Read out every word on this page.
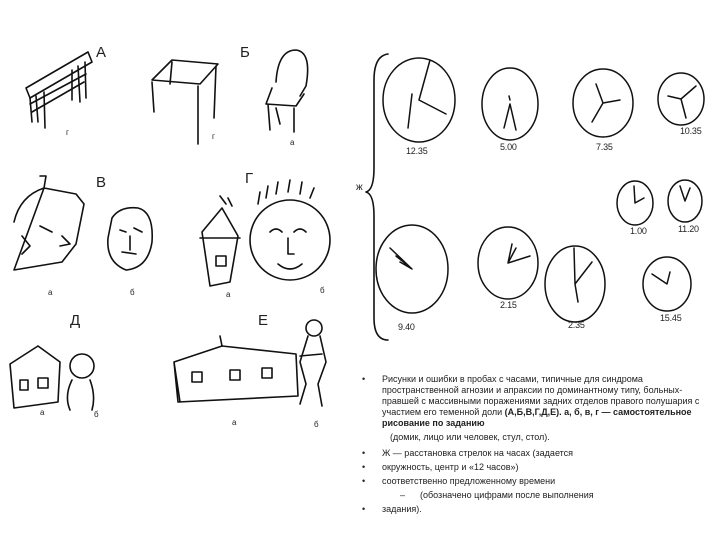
А	Б
В	Г
Д	Е
ж
г	г
а
а	б	а	б
а	б
а	б
12.35	5.00	7.35
10.35
1.00	11.20
9.40
2.15
2.35
15.45
• Рисунки и ошибки в пробах с часами, типичные для синдрома пространственной агнозии и апраксии по доминантному типу, больных-правшей с массивными поражениями задних отделов правого полушария с участием его теменной доли (А,Б,В,Г,Д,Е). а, б, в, г — самостоятельное рисование по заданию
(домик, лицо или человек, стул, стол).
• Ж — расстановка стрелок на часах (задается
• окружность, центр и «12 часов»)
• соответственно предложенному времени
– (обозначено цифрами после выполнения
• задания).
